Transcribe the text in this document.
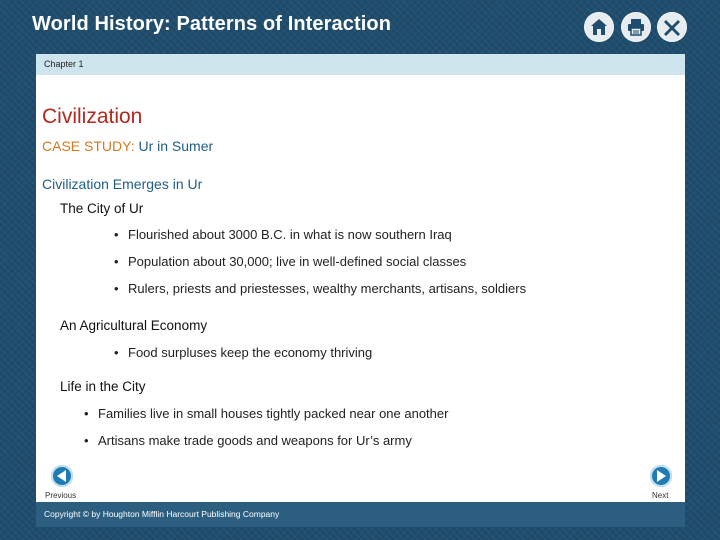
World History: Patterns of Interaction
Chapter 1
Civilization
CASE STUDY: Ur in Sumer
Civilization Emerges in Ur
The City of Ur
• Flourished about 3000 B.C. in what is now southern Iraq
• Population about 30,000; live in well-defined social classes
• Rulers, priests and priestesses, wealthy merchants, artisans, soldiers
An Agricultural Economy
• Food surpluses keep the economy thriving
Life in the City
• Families live in small houses tightly packed near one another
• Artisans make trade goods and weapons for Ur’s army
Previous	Next
Copyright © by Houghton Mifflin Harcourt Publishing Company
